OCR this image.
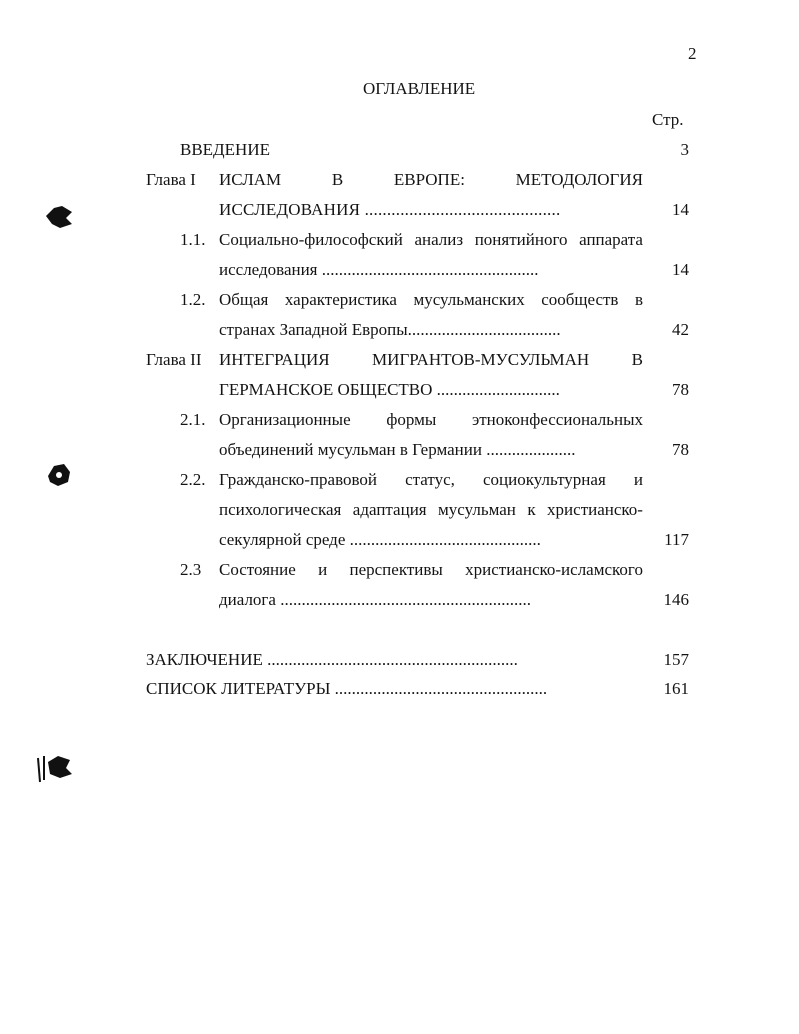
2
ОГЛАВЛЕНИЕ
Стр.
ВВЕДЕНИЕ	3
Глава I ИСЛАМ	В	ЕВРОПЕ:	МЕТОДОЛОГИЯ
ИССЛЕДОВАНИЯ ............................................	14
1.1. Социально-философский анализ понятийного аппарата
исследования ...................................................	14
1.2. Общая характеристика мусульманских сообществ в
странах Западной Европы....................................	42
Глава II ИНТЕГРАЦИЯ МИГРАНТОВ-МУСУЛЬМАН В
ГЕРМАНСКОЕ ОБЩЕСТВО .............................	78
2.1. Организационные формы этноконфессиональных
объединений мусульман в Германии .....................	78
2.2. Гражданско-правовой статус, социокультурная и
психологическая адаптация мусульман к христианско-
секулярной среде .............................................	117
2.3 Состояние и перспективы христианско-исламского
диалога ...........................................................	146
ЗАКЛЮЧЕНИЕ ...........................................................	157
СПИСОК ЛИТЕРАТУРЫ ..................................................	161
